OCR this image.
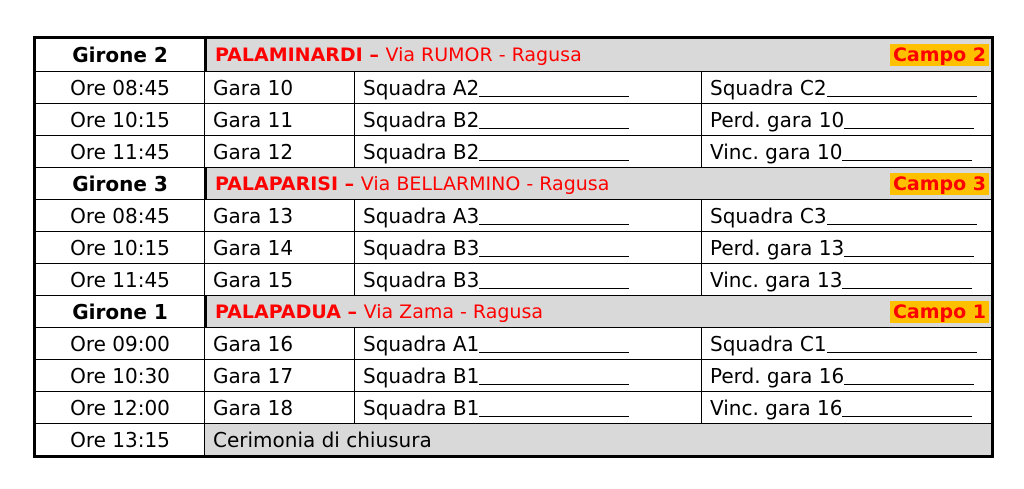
Girone 2	PALAMINARDI – Via RUMOR - Ragusa	Campo 2
Ore 08:45	Gara 10	Squadra A2	Squadra C2
Ore 10:15	Gara 11	Squadra B2	Perd. gara 10
Ore 11:45	Gara 12	Squadra B2	Vinc. gara 10
Girone 3	PALAPARISI – Via BELLARMINO - Ragusa	Campo 3
Ore 08:45	Gara 13	Squadra A3	Squadra C3
Ore 10:15	Gara 14	Squadra B3	Perd. gara 13
Ore 11:45	Gara 15	Squadra B3	Vinc. gara 13
Girone 1	PALAPADUA – Via Zama - Ragusa	Campo 1
Ore 09:00	Gara 16	Squadra A1	Squadra C1
Ore 10:30	Gara 17	Squadra B1	Perd. gara 16
Ore 12:00	Gara 18	Squadra B1	Vinc. gara 16
Ore 13:15	Cerimonia di chiusura
